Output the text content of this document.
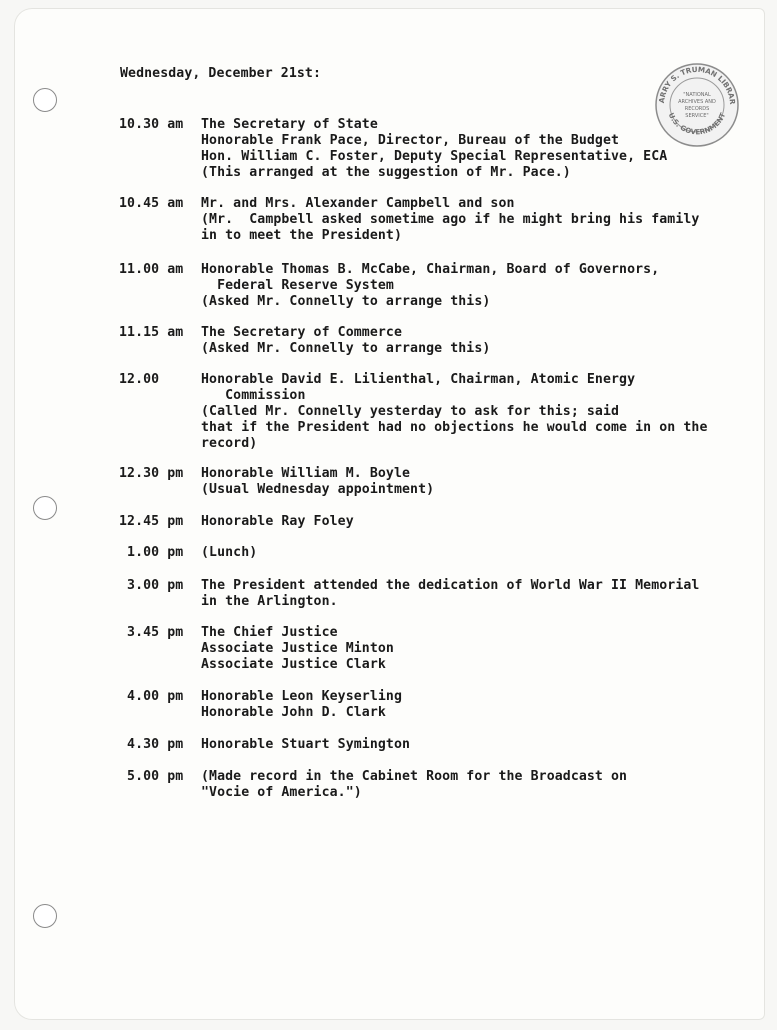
ARRY S. TRUMAN LIBRAR
U.S. GOVERNMENT
"NATIONAL
ARCHIVES AND
RECORDS
SERVICE"
Wednesday, December 21st:
10.30 am	The Secretary of State
Honorable Frank Pace, Director, Bureau of the Budget
Hon. William C. Foster, Deputy Special Representative, ECA
(This arranged at the suggestion of Mr. Pace.)
10.45 am	Mr. and Mrs. Alexander Campbell and son
(Mr.  Campbell asked sometime ago if he might bring his family
in to meet the President)
11.00 am	Honorable Thomas B. McCabe, Chairman, Board of Governors,
Federal Reserve System
(Asked Mr. Connelly to arrange this)
11.15 am	The Secretary of Commerce
(Asked Mr. Connelly to arrange this)
12.00	Honorable David E. Lilienthal, Chairman, Atomic Energy
Commission
(Called Mr. Connelly yesterday to ask for this; said
that if the President had no objections he would come in on the
record)
12.30 pm	Honorable William M. Boyle
(Usual Wednesday appointment)
12.45 pm	Honorable Ray Foley
1.00 pm	(Lunch)
3.00 pm	The President attended the dedication of World War II Memorial
in the Arlington.
3.45 pm	The Chief Justice
Associate Justice Minton
Associate Justice Clark
4.00 pm	Honorable Leon Keyserling
Honorable John D. Clark
4.30 pm	Honorable Stuart Symington
5.00 pm	(Made record in the Cabinet Room for the Broadcast on
"Vocie of America.")
